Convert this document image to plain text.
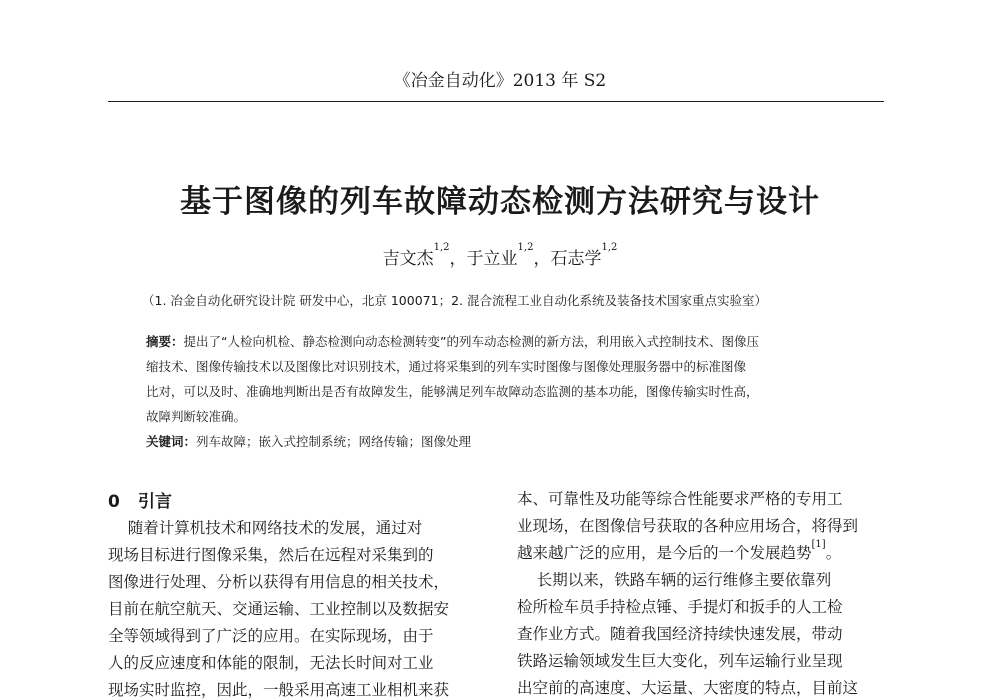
《冶金自动化》2013 年 S2
基于图像的列车故障动态检测方法研究与设计
吉文杰$^{1,2}$，于立业$^{1,2}$，石志学$^{1,2}$
（1. 冶金自动化研究设计院 研发中心，北京 100071；2. 混合流程工业自动化系统及装备技术国家重点实验室）
摘要：提出了“人检向机检、静态检测向动态检测转变”的列车动态检测的新方法，利用嵌入式控制技术、图像压
缩技术、图像传输技术以及图像比对识别技术，通过将采集到的列车实时图像与图像处理服务器中的标准图像
比对，可以及时、准确地判断出是否有故障发生，能够满足列车故障动态监测的基本功能，图像传输实时性高，
故障判断较准确。
关键词：列车故障；嵌入式控制系统；网络传输；图像处理
0 引言
随着计算机技术和网络技术的发展，通过对
现场目标进行图像采集，然后在远程对采集到的
图像进行处理、分析以获得有用信息的相关技术，
目前在航空航天、交通运输、工业控制以及数据安
全等领域得到了广泛的应用。在实际现场，由于
人的反应速度和体能的限制，无法长时间对工业
现场实时监控，因此，一般采用高速工业相机来获
本、可靠性及功能等综合性能要求严格的专用工
业现场，在图像信号获取的各种应用场合，将得到
越来越广泛的应用，是今后的一个发展趋势[1]。
长期以来，铁路车辆的运行维修主要依靠列
检所检车员手持检点锤、手提灯和扳手的人工检
查作业方式。随着我国经济持续快速发展，带动
铁路运输领域发生巨大变化，列车运输行业呈现
出空前的高速度、大运量、大密度的特点，目前这
